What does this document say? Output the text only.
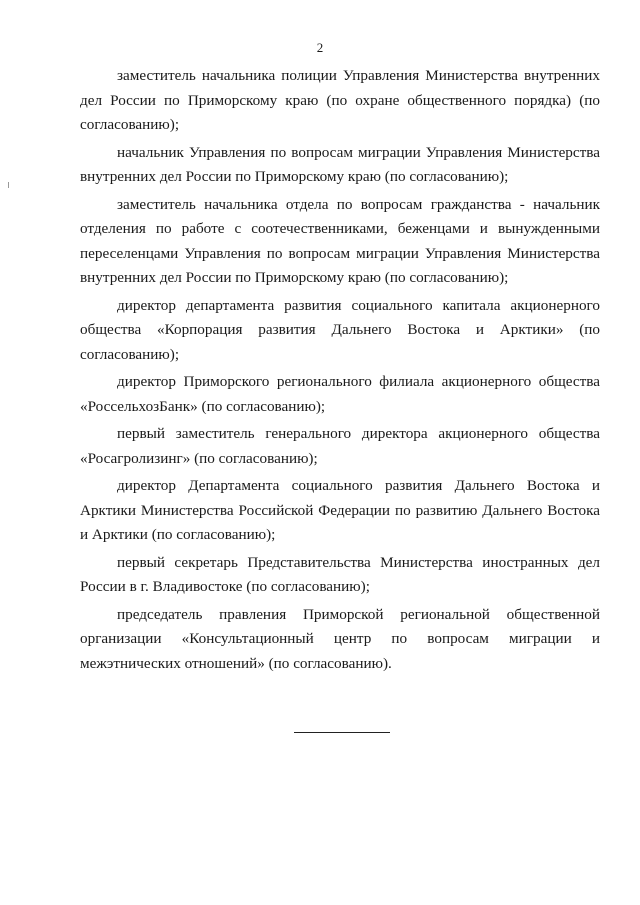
2

заместитель начальника полиции Управления Министерства внутренних дел России по Приморскому краю (по охране общественного порядка) (по согласованию);

начальник Управления по вопросам миграции Управления Министерства внутренних дел России по Приморскому краю (по согласованию);

заместитель начальника отдела по вопросам гражданства - начальник отделения по работе с соотечественниками, беженцами и вынужденными переселенцами Управления по вопросам миграции Управления Министерства внутренних дел России по Приморскому краю (по согласованию);

директор департамента развития социального капитала акционерного общества «Корпорация развития Дальнего Востока и Арктики» (по согласованию);

директор Приморского регионального филиала акционерного общества «РоссельхозБанк» (по согласованию);

первый заместитель генерального директора акционерного общества «Росагролизинг» (по согласованию);

директор Департамента социального развития Дальнего Востока и Арктики Министерства Российской Федерации по развитию Дальнего Востока и Арктики (по согласованию);

первый секретарь Представительства Министерства иностранных дел России в г. Владивостоке (по согласованию);

председатель правления Приморской региональной общественной организации «Консультационный центр по вопросам миграции и межэтнических отношений» (по согласованию).
